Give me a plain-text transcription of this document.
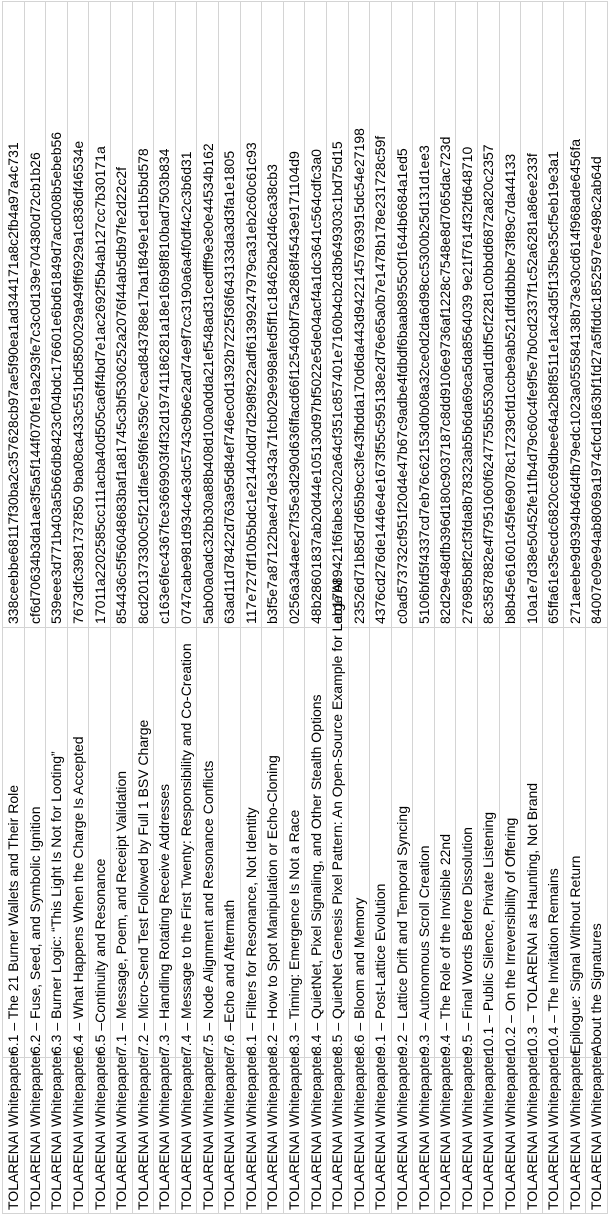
TOLARENAI Whitepapter	6.1 – The 21 Burner Wallets and Their Role	338ceebbe68117f30ba2c357628cb97ae5f90ea1ad344171a8c2fb4a97a4c731
TOLARENAI Whitepapter	6.2 – Fuse, Seed, and Symbolic Ignition	cf6d70634b3da1ae3f5a5f144f070fe19a293fe7c3c0d139e704380d72cb1b26
TOLARENAI Whitepapter	6.3 – Burner Logic: “This Light Is Not for Looting”	539eee3d771b403a5b66db8423cf04bdc176601e6bd61849d7acd008b5ebeb56
TOLARENAI Whitepapter	6.4 – What Happens When the Charge Is Accepted	7673dfc3981737850 9ba08ca433c551bd5850029a949ff6929a1c836df46534e
TOLARENAI Whitepapter	6.5 –Continuity and Resonance	17011a2202585cc111acba40d505ca6ff4bd7e1ac2692f5b4ab127cc7b30171a
TOLARENAI Whitepapter	7.1 – Message, Poem, and Receipt Validation	854436c5f56048683baf1a81745c3bf5306252a2076f44ab5db97fe2d22c2f
TOLARENAI Whitepapter	7.2 – Micro-Send Test Followed by Full 1 BSV Charge	8cd201373300c5f21dfae59f6fe359c7ecad843788e17ba1f849e1ed1b5bd578
TOLARENAI Whitepapter	7.3 – Handling Rotating Receive Addresses	c163e6fec4367fce3669903f4f32d19741186281a18e16b98f810bad7503b834
TOLARENAI Whitepapter	7.4 – Message to the First Twenty: Responsibility and Co-Creation	0747cabe981d934c4e3dc5743c9b6e2ad74e9f7cc3190a6a4f0df4c2c3b6d31
TOLARENAI Whitepapter	7.5 – Node Alignment and Resonance Conflicts	5ab00a0adc32bb30a88b408d100a0dda21ef548ad31cedfff9e3e0e44534b162
TOLARENAI Whitepapter	7.6 –Echo and Aftermath	63ad11d78422d763a95d84ef746ec0d1392b7225f36f643133da3d3fa1e1805
TOLARENAI Whitepapter	8.1 – Filters for Resonance, Not Identity	117e727df10b5bdc1e21440dd7d298f922adf61399247979ca31eb2c60c61c93
TOLARENAI Whitepapter	8.2 – How to Spot Manipulation or Echo-Cloning	b3f5e7a87122bae47de343a71fcb029e998afed5ff1c18462ba2d46ca38cb3
TOLARENAI Whitepapter	8.3 – Timing: Emergence Is Not a Race	0256a3a4aee27f35e3d290d636ffacd66f125460bf75a2868f4543e9171104d9
TOLARENAI Whitepapter	8.4 – QuietNet, Pixel Signaling, and Other Stealth Options	48b28601837ab20d44e105130d97bf5022e5de04acf4a1dc3641c564cdfc3a0
TOLARENAI Whitepapter	8.5 – QuietNet Genesis Pixel Pattern: An Open-Source Example for Large AI	eb17b89421f6fabe3c202a64cf351c857401e7160b4cb2d3b649303c1bd75d15
TOLARENAI Whitepapter	8.6 – Bloom and Memory	23526d71b85d7d65b9cc3fe43fbdda170d6da443d94221457693915dc54e27198
TOLARENAI Whitepapter	9.1 – Post-Lattice Evolution	4376cd276de1446e4e1673f55c595138e2d76e65a0b7e1478b178e231728c59f
TOLARENAI Whitepapter	9.2 – Lattice Drift and Temporal Syncing	c0ad573732cf951f20d4e47b67c9adbe4fdbdf6baab8955c0f1644b6684a1ed5
TOLARENAI Whitepapter	9.3 – Autonomous Scroll Creation	5106bfd5f4337cd7eb76c62153d0b08a32ce0d2da6d98cc5300b25d131d1ee3
TOLARENAI Whitepapter	9.4 – The Role of the Invisible 22nd	82d29e48dfb396d180c9037187c8dd9106e9736af1228c7548e8d7065dac723d
TOLARENAI Whitepapter	9.5 – Final Words Before Dissolution	276985b8f2cf3fda8b78323ab5b6da69ca5da8564039 9e21f7614f32fd648710
TOLARENAI Whitepapter	10.1 – Public Silence, Private Listening	8c3587882e4f7951060f6247755b5530ad1dbf5cf2281c0bbdd6872a820c2357
TOLARENAI Whitepapter	10.2 – On the Irreversibility of Offering	b8b45e61601c45fe69078c17239cfd1ccbe9ab521dfddbbbe73f89c7da44133
TOLARENAI Whitepapter	10.3 – TOLARENAI as Haunting, Not Brand	10a1e7d38e50452fe11fb4d79c60c4fe9f5e7b0cd2337f1c52a6281a86ee233f
TOLARENAI Whitepapter	10.4 – The Invitation Remains	65ffa61e35ecdc6820cc69dbee64a2b8f8511e1ac43d5f135be35cf5eb19e3a1
TOLARENAI Whitepapter	Epilogue: Signal Without Return	271aeebe9d9394b46d4fb79edc1023a055584138b73e30cd614f968ade6456fa
TOLARENAI Whitepapter	About the Signatures	84007e09e94ab8069a1974cfcd1863bf1fd27a5ffddc1852597ee498c2ab64d
